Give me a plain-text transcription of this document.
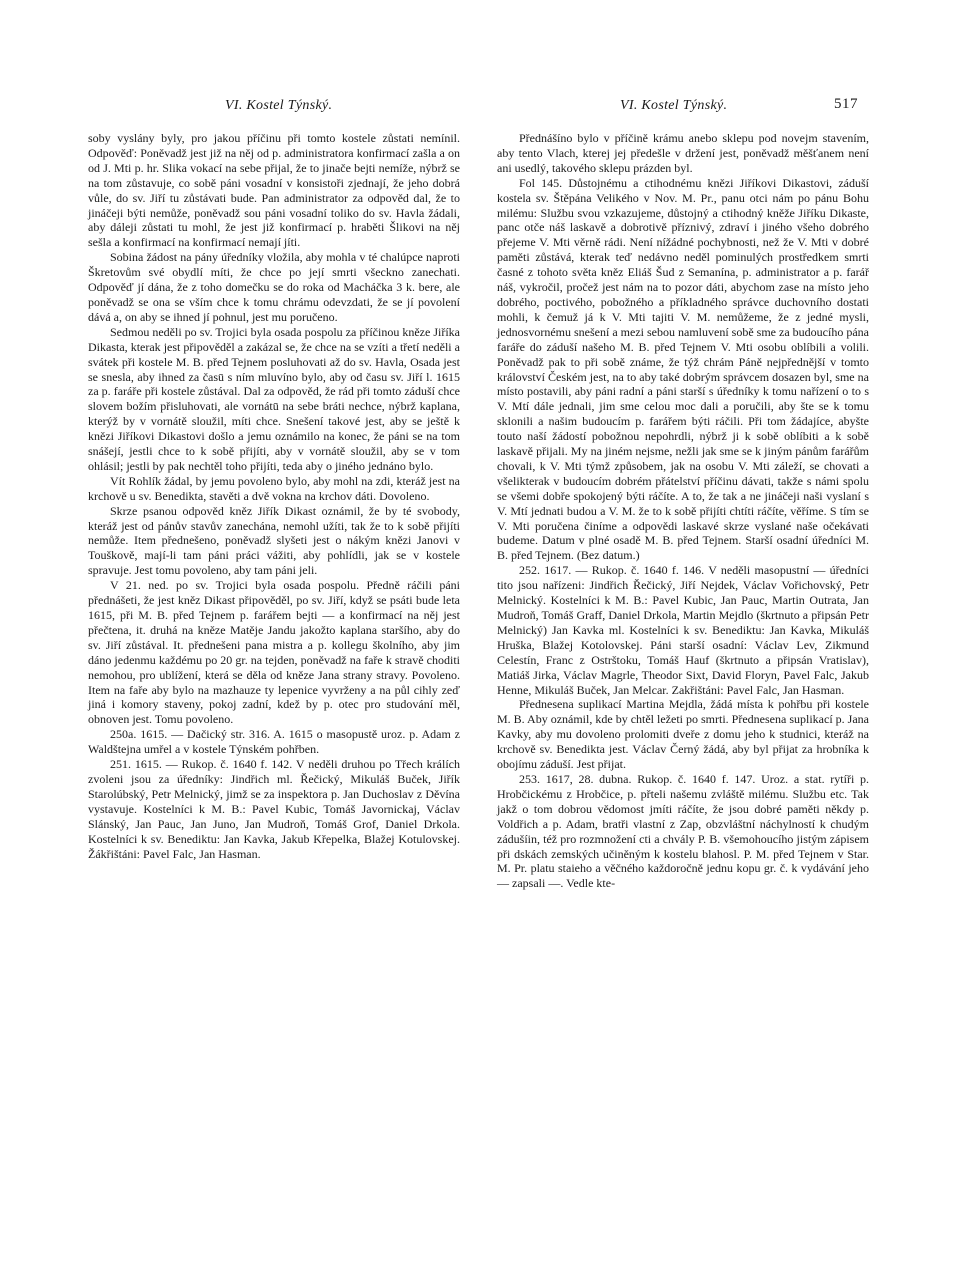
VI. Kostel Týnský.	VI. Kostel Týnský.	517

soby vyslány byly, pro jakou příčinu při tomto kostele zůstati nemínil. Odpověď: Poněvadž jest již na něj od p. administratora konfirmací zašla a on od J. Mti p. hr. Slika vokací na sebe přijal, že to jinače bejti nemíže, nýbrž se na tom zůstavuje, co sobě páni vosadní v konsistoři zjednají, že jeho dobrá vůle, do sv. Jiří tu zůstávati bude. Pan administrator za odpověd dal, že to jináčeji býti nemůže, poněvadž sou páni vosadní toliko do sv. Havla žádali, aby dáleji zůstati tu mohl, že jest již konfirmací p. hraběti Šlikovi na něj sešla a konfirmací na konfirmací nemají jíti.

Sobina žádost na pány úředníky vložila, aby mohla v té chalúpce naproti Škretovům své obydlí míti, že chce po její smrti všeckno zanechati. Odpověď jí dána, že z toho domečku se do roka od Macháčka 3 k. bere, ale poněvadž se ona se vším chce k tomu chrámu odevzdati, že se jí povolení dává a, on aby se ihned jí pohnul, jest mu poručeno.

Sedmou neděli po sv. Trojici byla osada pospolu za příčinou kněze Jiříka Dikasta, kterak jest připověděl a zakázal se, že chce na se vzíti a třetí neděli a svátek při kostele M. B. před Tejnem posluhovati až do sv. Havla, Osada jest se snesla, aby ihned za časū s ním mluvíno bylo, aby od času sv. Jiří l. 1615 za p. faráře při kostele zůstával. Dal za odpověd, že rád při tomto záduší chce slovem božím přisluhovati, ale vornátū na sebe bráti nechce, nýbrž kaplana, kterýž by v vornátě sloužil, míti chce. Snešení takové jest, aby se ještě k knězi Jiříkovi Dikastovi došlo a jemu oznámilo na konec, že páni se na tom snášejí, jestli chce to k sobě přijíti, aby v vornátě sloužil, aby se v tom ohlásil; jestli by pak nechtěl toho přijíti, teda aby o jiného jednáno bylo.

Vít Rohlík žádal, by jemu povoleno bylo, aby mohl na zdi, kteráž jest na krchově u sv. Benedikta, stavěti a dvě vokna na krchov dáti. Dovoleno.

Skrze psanou odpověd kněz Jiřík Dikast oznámil, že by té svobody, kteráž jest od pánův stavův zanechána, nemohl užíti, tak že to k sobě přijíti nemůže. Item přednešeno, poněvadž slyšeti jest o nákým knězi Janovi v Touškově, mají-li tam páni práci vážiti, aby pohlídli, jak se v kostele spravuje. Jest tomu povoleno, aby tam páni jeli.

V 21. ned. po sv. Trojici byla osada pospolu. Předně ráčili páni přednášeti, že jest kněz Dikast připověděl, po sv. Jiří, když se psáti bude leta 1615, při M. B. před Tejnem p. farářem bejti — a konfirmací na něj jest přečtena, it. druhá na kněze Matěje Jandu jakožto kaplana staršího, aby do sv. Jiří zůstával. It. přednešeni pana mistra a p. kollegu školního, aby jim dáno jedenmu každému po 20 gr. na tejden, poněvadž na faře k stravě choditi nemohou, pro ublížení, která se děla od kněze Jana strany stravy. Povoleno. Item na faře aby bylo na mazhauze ty lepenice vyvrženy a na půl cihly zeď jiná i komory staveny, pokoj zadní, kdež by p. otec pro studování měl, obnoven jest. Tomu povoleno.

250a. 1615. — Dačický str. 316. A. 1615 o masopustě uroz. p. Adam z Waldštejna umřel a v kostele Týnském pohřben.

251. 1615. — Rukop. č. 1640 f. 142. V neděli druhou po Třech králích zvoleni jsou za úředníky: Jindřich ml. Řečický, Mikuláš Buček, Jiřík Starolúbský, Petr Melnický, jimž se za inspektora p. Jan Duchoslav z Děvína vystavuje. Kostelníci k M. B.: Pavel Kubic, Tomáš Javornickaj, Václav Slánský, Jan Pauc, Jan Juno, Jan Mudroň, Tomáš Grof, Daniel Drkola. Kostelníci k sv. Benediktu: Jan Kavka, Jakub Křepelka, Blažej Kotulovskej. Žákřištáni: Pavel Falc, Jan Hasman.

Přednášíno bylo v příčině krámu anebo sklepu pod novejm stavením, aby tento Vlach, kterej jej předešle v držení jest, poněvadž měšťanem není ani usedlý, takového sklepu prázden byl.

Fol 145. Důstojnému a ctihodnému knězi Jiříkovi Dikastovi, záduší kostela sv. Štěpána Velikého v Nov. M. Pr., panu otci nám po pánu Bohu milému: Službu svou vzkazujeme, důstojný a ctihodný kněže Jiříku Dikaste, panc otče náš laskavě a dobrotivě příznivý, zdraví i jiného všeho dobrého přejeme V. Mti věrně rádi. Není nížádné pochybnosti, než že V. Mti v dobré paměti zůstává, kterak teď nedávno neděl pominulých prostředkem smrti časné z tohoto světa kněz Eliáš Šud z Semanína, p. administrator a p. farář náš, vykročil, pročež jest nám na to pozor dáti, abychom zase na místo jeho dobrého, poctivého, pobožného a příkladného správce duchovního dostati mohli, k čemuž já k V. Mti tajiti V. M. nemůžeme, že z jedné mysli, jednosvornému snešení a mezi sebou namluvení sobě sme za budoucího pána faráře do záduší našeho M. B. před Tejnem V. Mti osobu oblíbili a volili. Poněvadž pak to při sobě známe, že týž chrám Páně nejpřednější v tomto království Českém jest, na to aby také dobrým správcem dosazen byl, sme na místo postavili, aby páni radní a páni starší s úředníky k tomu nařízení o to s V. Mtí dále jednali, jim sme celou moc dali a poručili, aby šte se k tomu sklonili a našim budoucím p. farářem býti ráčili. Při tom žádajíce, abyšte touto naší žádostí pobožnou nepohrdli, nýbrž ji k sobě oblíbiti a k sobě laskavě přijali. My na jiném nejsme, nežli jak sme se k jiným pánům farářům chovali, k V. Mti týmž způsobem, jak na osobu V. Mti záleží, se chovati a všelikterak v budoucím dobrém přátelství příčinu dávati, takže s námi spolu se všemi dobře spokojený býti ráčíte. A to, že tak a ne jináčeji naši vyslaní s V. Mtí jednati budou a V. M. že to k sobě přijíti chtíti ráčíte, věříme. S tím se V. Mti poručena činíme a odpovědi laskavé skrze vyslané naše očekávati budeme. Datum v plné osadě M. B. před Tejnem. Starší osadní úředníci M. B. před Tejnem. (Bez datum.)

252. 1617. — Rukop. č. 1640 f. 146. V neděli masopustní — úředníci tito jsou nařízeni: Jindřich Řečický, Jiří Nejdek, Václav Vořichovský, Petr Melnický. Kostelníci k M. B.: Pavel Kubic, Jan Pauc, Martin Outrata, Jan Mudroň, Tomáš Graff, Daniel Drkola, Martin Mejdlo (škrtnuto a připsán Petr Melnický) Jan Kavka ml. Kostelníci k sv. Benediktu: Jan Kavka, Mikuláš Hruška, Blažej Kotolovskej. Páni starší osadní: Václav Lev, Zikmund Celestín, Franc z Ostrštoku, Tomáš Hauf (škrtnuto a připsán Vratislav), Matiáš Jirka, Václav Magrle, Theodor Sixt, David Floryn, Pavel Falc, Jakub Henne, Mikuláš Buček, Jan Melcar. Zakřištáni: Pavel Falc, Jan Hasman.

Přednesena suplikací Martina Mejdla, žádá místa k pohřbu při kostele M. B. Aby oznámil, kde by chtěl ležeti po smrti. Přednesena suplikací p. Jana Kavky, aby mu dovoleno prolomiti dveře z domu jeho k studnici, kteráž na krchově sv. Benedikta jest. Václav Černý žádá, aby byl přijat za hrobníka k obojímu záduší. Jest přijat.

253. 1617, 28. dubna. Rukop. č. 1640 f. 147. Uroz. a stat. rytíři p. Hrobčickému z Hrobčice, p. přteli našemu zvláště milému. Službu etc. Tak jakž o tom dobrou vědomost jmíti ráčíte, že jsou dobré paměti někdy p. Voldřich a p. Adam, bratři vlastní z Zap, obzvláštní náchylností k chudým zádušíin, též pro rozmnožení cti a chvály P. B. všemohoucího jistým zápisem při dskách zemských učiněným k kostelu blahosl. P. M. před Tejnem v Star. M. Pr. platu staieho a věčného každoročně jednu kopu gr. č. k vydávání jeho — zapsali —. Vedle kte-
